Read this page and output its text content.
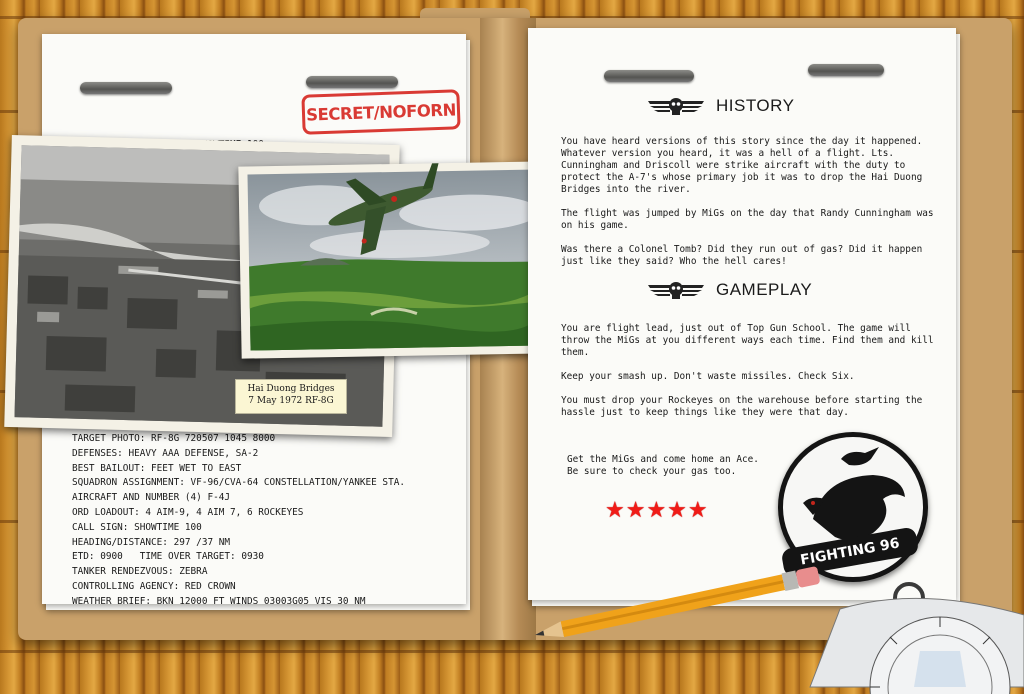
TARGET PHOTO: RF-8G 720507 1045 8000
DEFENSES: HEAVY AAA DEFENSE, SA-2
BEST BAILOUT: FEET WET TO EAST
SQUADRON ASSIGNMENT: VF-96/CVA-64 CONSTELLATION/YANKEE STA.
AIRCRAFT AND NUMBER (4) F-4J
ORD LOADOUT: 4 AIM-9, 4 AIM 7, 6 ROCKEYES
CALL SIGN: SHOWTIME 100
HEADING/DISTANCE: 297 /37 NM
ETD: 0900   TIME OVER TARGET: 0930
TANKER RENDEZVOUS: ZEBRA
CONTROLLING AGENCY: RED CROWN
WEATHER BRIEF: BKN 12000 FT WINDS 03003G05 VIS 30 NM
SECRET/NOFORN
Hai Duong Bridges
7 May 1972 RF-8G
HISTORY

You have heard versions of this story since the day it happened. Whatever version you heard, it was a hell of a flight. Lts. Cunningham and Driscoll were strike aircraft with the duty to protect the A-7's whose primary job it was to drop the Hai Duong Bridges into the river.

The flight was jumped by MiGs on the day that Randy Cunningham was on his game.

Was there a Colonel Tomb? Did they run out of gas? Did it happen just like they said? Who the hell cares!

GAMEPLAY

You are flight lead, just out of Top Gun School. The game will throw the MiGs at you different ways each time. Find them and kill them.

Keep your smash up. Don't waste missiles. Check Six.

You must drop your Rockeyes on the warehouse before starting the hassle just to keep things like they were that day.

Get the MiGs and come home an Ace.
Be sure to check your gas too.
★★★★★
FIGHTING 96
